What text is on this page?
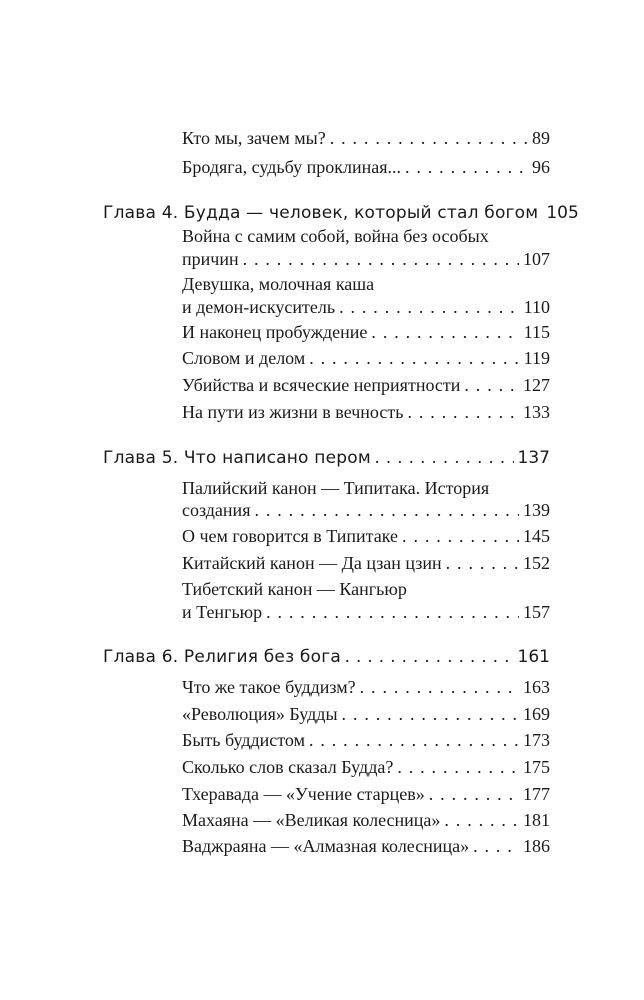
Кто мы, зачем мы? . . .	89
Бродяга, судьбу проклиная... . . .	96
Глава 4. Будда — человек, который стал богом 105
Война с самим собой, война без особых
причин . . .	107
Девушка, молочная каша
и демон-искуситель . . .	110
И наконец пробуждение . . .	115
Словом и делом . . .	119
Убийства и всяческие неприятности . . .	127
На пути из жизни в вечность . . .	133
Глава 5. Что написано пером . . .	137
Палийский канон — Типитака. История
создания . . .	139
О чем говорится в Типитаке . . .	145
Китайский канон — Да цзан цзин . . .	152
Тибетский канон — Кангьюр
и Тенгьюр . . .	157
Глава 6. Религия без бога . . .	161
Что же такое буддизм? . . .	163
«Революция» Будды . . .	169
Быть буддистом . . .	173
Сколько слов сказал Будда? . . .	175
Тхеравада — «Учение старцев» . . .	177
Махаяна — «Великая колесница» . . .	181
Ваджраяна — «Алмазная колесница» . . .	186
